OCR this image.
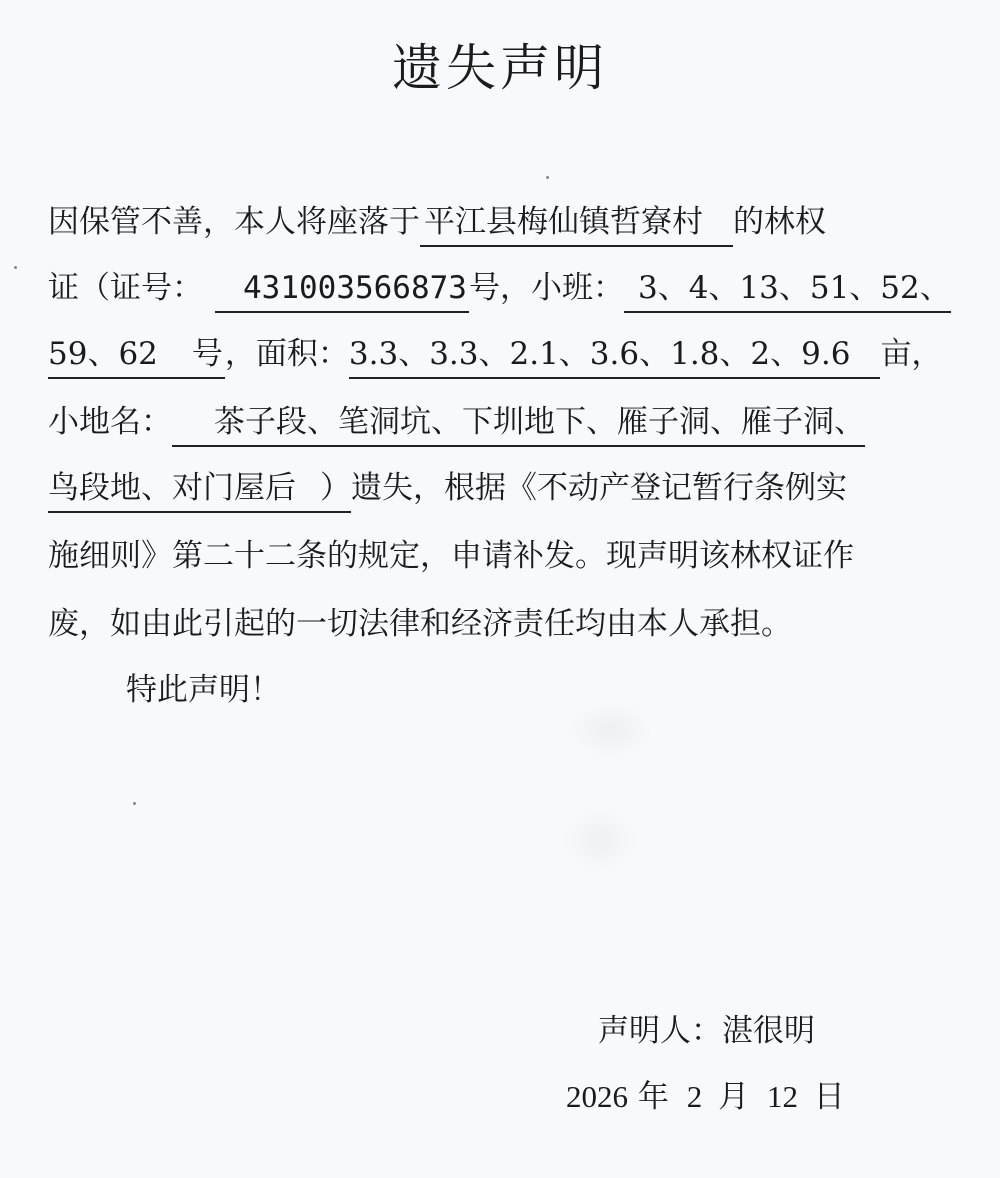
遗失声明
因保管不善，本人将座落于 平江县梅仙镇哲寮村 的林权
证（证号： 431003566873号，小班： 3、4、13、51、52、
59、62 号，面积：3.3、3.3、2.1、3.6、1.8、2、9.6 亩，
小地名： 茶子段、笔洞坑、下圳地下、雁子洞、雁子洞、
鸟段地、对门屋后 ）遗失，根据《不动产登记暂行条例实
施细则》第二十二条的规定，申请补发。现声明该林权证作
废，如由此引起的一切法律和经济责任均由本人承担。
特此声明！
声明人：湛很明
2026 年 2 月 12 日
